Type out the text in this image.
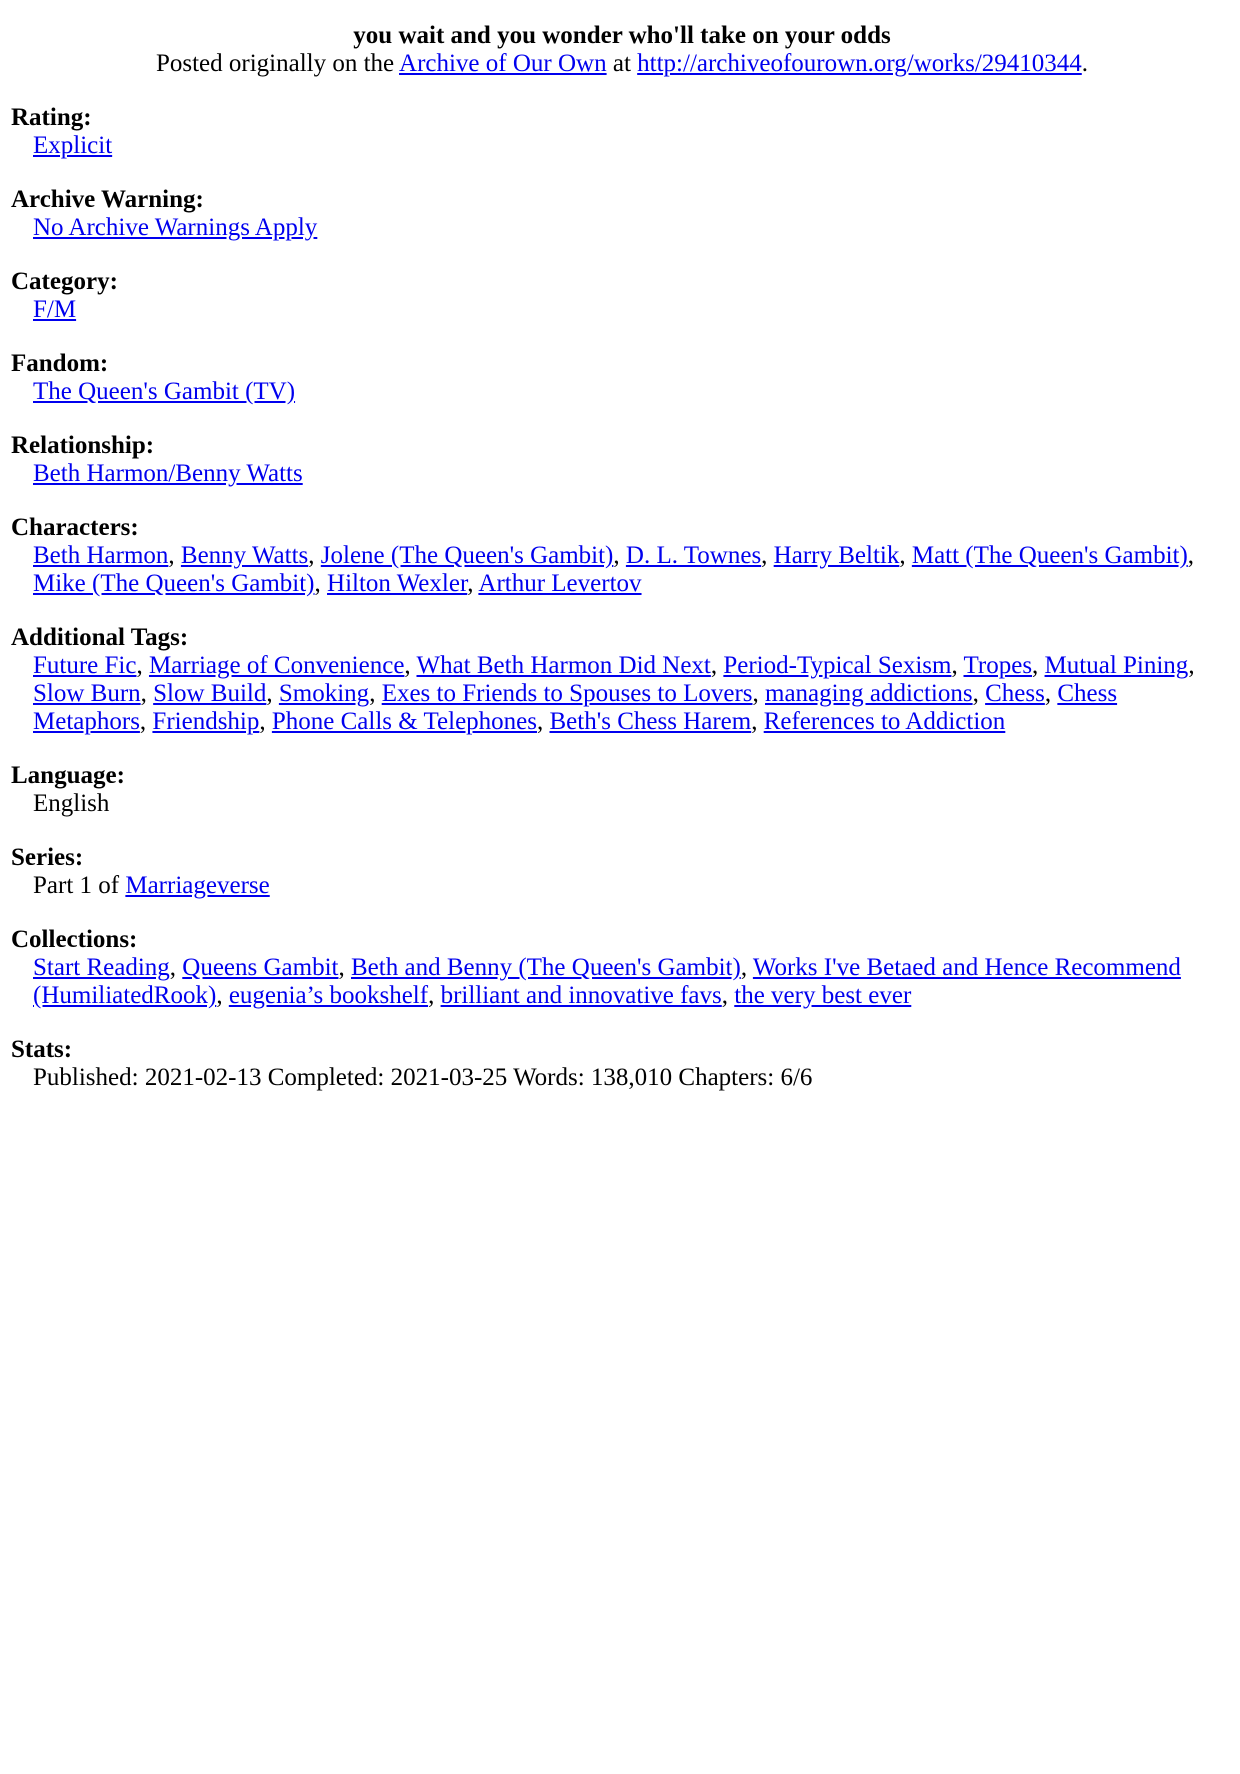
you wait and you wonder who'll take on your odds
Posted originally on the Archive of Our Own at http://archiveofourown.org/works/29410344.
Rating:
Explicit
Archive Warning:
No Archive Warnings Apply
Category:
F/M
Fandom:
The Queen's Gambit (TV)
Relationship:
Beth Harmon/Benny Watts
Characters:
Beth Harmon, Benny Watts, Jolene (The Queen's Gambit), D. L. Townes, Harry Beltik, Matt (The Queen's Gambit), Mike (The Queen's Gambit), Hilton Wexler, Arthur Levertov
Additional Tags:
Future Fic, Marriage of Convenience, What Beth Harmon Did Next, Period-Typical Sexism, Tropes, Mutual Pining, Slow Burn, Slow Build, Smoking, Exes to Friends to Spouses to Lovers, managing addictions, Chess, Chess Metaphors, Friendship, Phone Calls & Telephones, Beth's Chess Harem, References to Addiction
Language:
English
Series:
Part 1 of Marriageverse
Collections:
Start Reading, Queens Gambit, Beth and Benny (The Queen's Gambit), Works I've Betaed and Hence Recommend (HumiliatedRook), eugenia’s bookshelf, brilliant and innovative favs, the very best ever
Stats:
Published: 2021-02-13 Completed: 2021-03-25 Words: 138,010 Chapters: 6/6
